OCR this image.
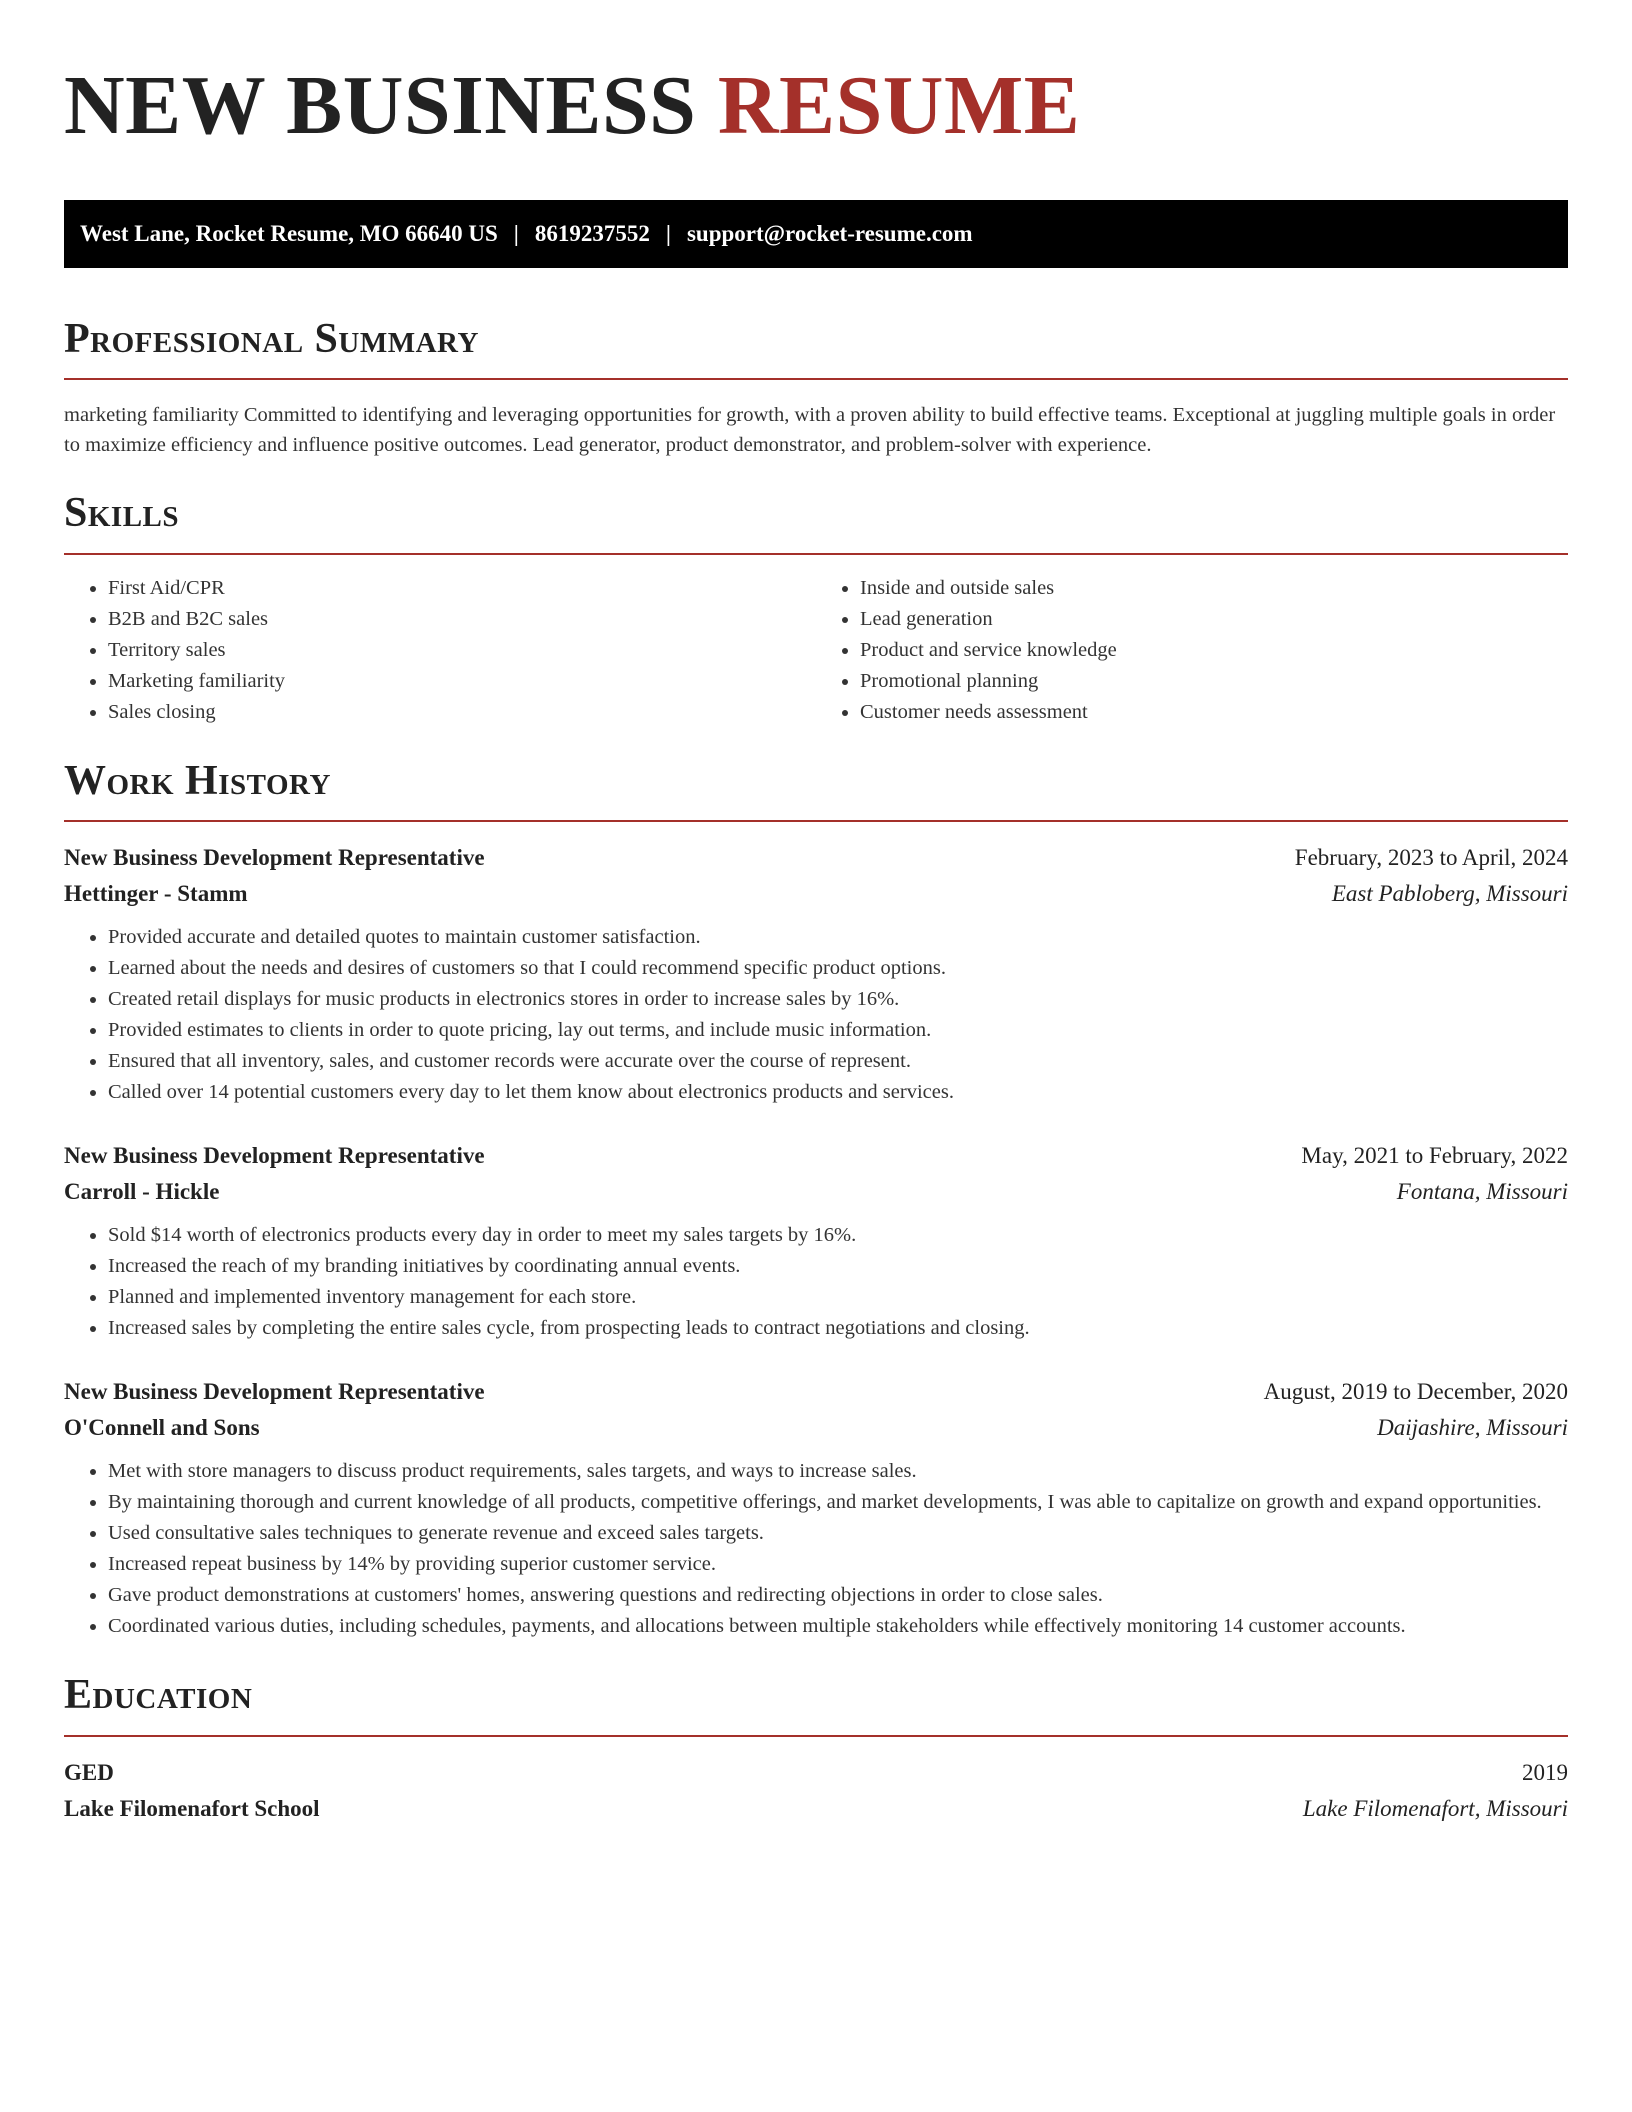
NEW BUSINESS RESUME
West Lane, Rocket Resume, MO 66640 US | 8619237552 | support@rocket-resume.com
Professional Summary

marketing familiarity Committed to identifying and leveraging opportunities for growth, with a proven ability to build effective teams. Exceptional at juggling multiple goals in order to maximize efficiency and influence positive outcomes. Lead generator, product demonstrator, and problem-solver with experience.

Skills
• First Aid/CPR
• B2B and B2C sales
• Territory sales
• Marketing familiarity
• Sales closing
• Inside and outside sales
• Lead generation
• Product and service knowledge
• Promotional planning
• Customer needs assessment
Work History
New Business Development Representative	February, 2023 to April, 2024
Hettinger - Stamm	East Pabloberg, Missouri
• Provided accurate and detailed quotes to maintain customer satisfaction.
• Learned about the needs and desires of customers so that I could recommend specific product options.
• Created retail displays for music products in electronics stores in order to increase sales by 16%.
• Provided estimates to clients in order to quote pricing, lay out terms, and include music information.
• Ensured that all inventory, sales, and customer records were accurate over the course of represent.
• Called over 14 potential customers every day to let them know about electronics products and services.
New Business Development Representative	May, 2021 to February, 2022
Carroll - Hickle	Fontana, Missouri
• Sold $14 worth of electronics products every day in order to meet my sales targets by 16%.
• Increased the reach of my branding initiatives by coordinating annual events.
• Planned and implemented inventory management for each store.
• Increased sales by completing the entire sales cycle, from prospecting leads to contract negotiations and closing.
New Business Development Representative	August, 2019 to December, 2020
O'Connell and Sons	Daijashire, Missouri
• Met with store managers to discuss product requirements, sales targets, and ways to increase sales.
• By maintaining thorough and current knowledge of all products, competitive offerings, and market developments, I was able to capitalize on growth and expand opportunities.
• Used consultative sales techniques to generate revenue and exceed sales targets.
• Increased repeat business by 14% by providing superior customer service.
• Gave product demonstrations at customers' homes, answering questions and redirecting objections in order to close sales.
• Coordinated various duties, including schedules, payments, and allocations between multiple stakeholders while effectively monitoring 14 customer accounts.
Education
GED	2019
Lake Filomenafort School	Lake Filomenafort, Missouri
